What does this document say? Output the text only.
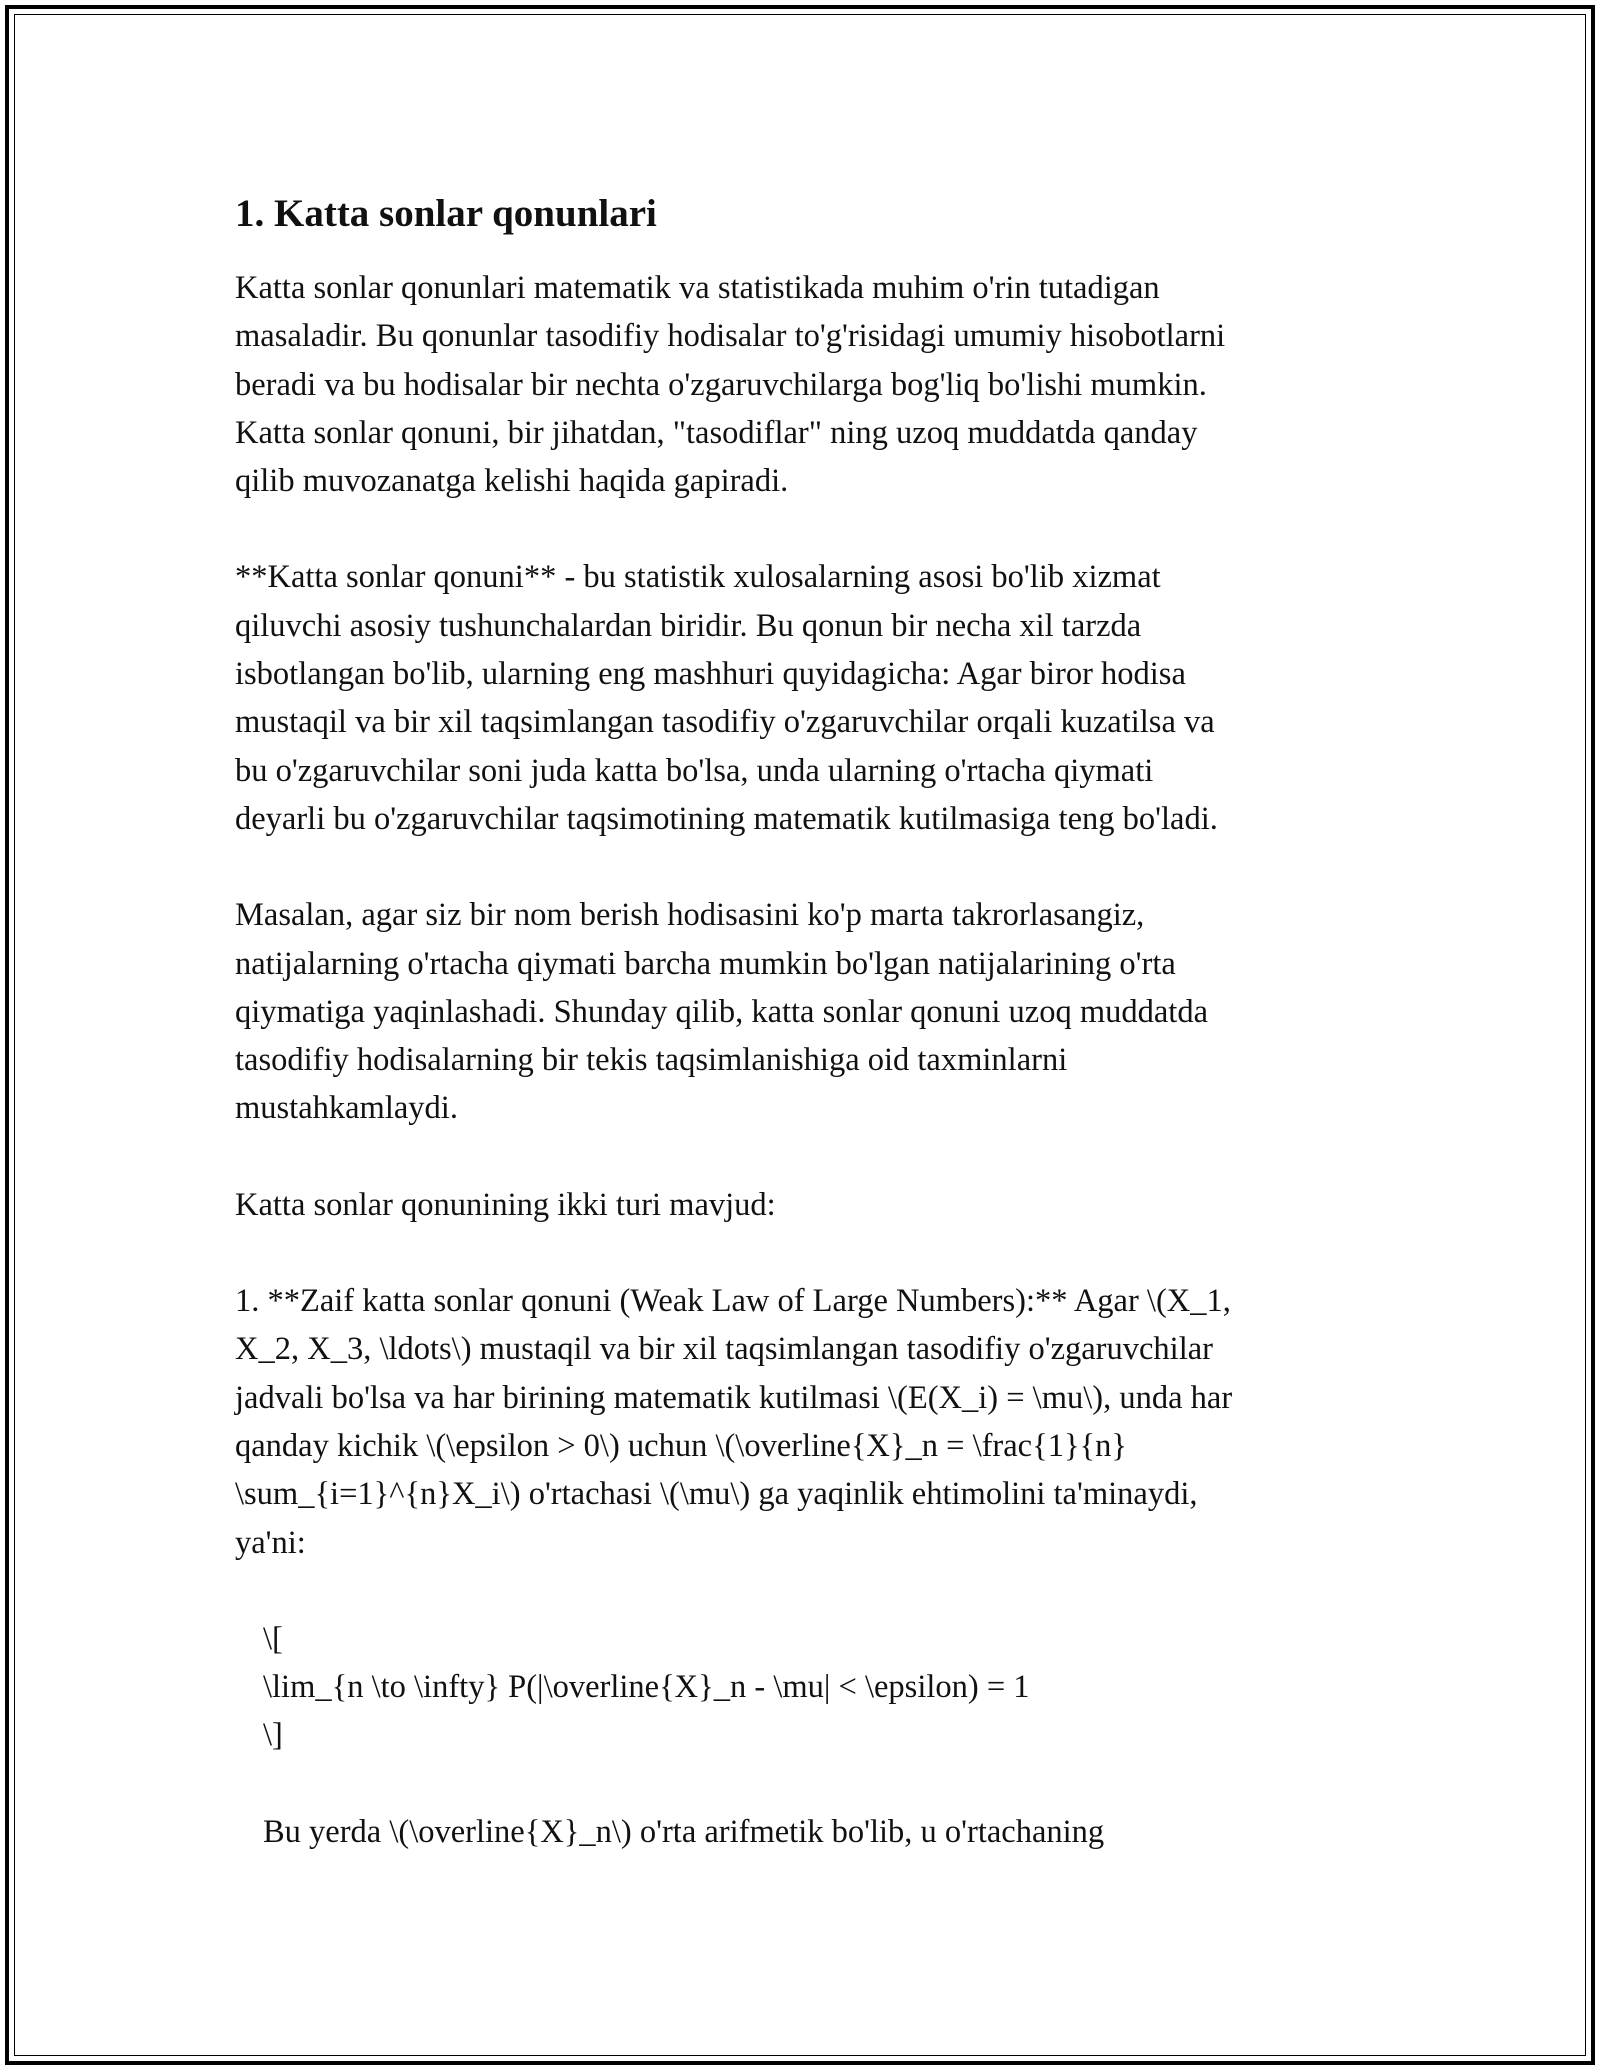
1. Katta sonlar qonunlari

Katta sonlar qonunlari matematik va statistikada muhim o'rin tutadigan
masaladir. Bu qonunlar tasodifiy hodisalar to'g'risidagi umumiy hisobotlarni
beradi va bu hodisalar bir nechta o'zgaruvchilarga bog'liq bo'lishi mumkin.
Katta sonlar qonuni, bir jihatdan, "tasodiflar" ning uzoq muddatda qanday
qilib muvozanatga kelishi haqida gapiradi.

**Katta sonlar qonuni** - bu statistik xulosalarning asosi bo'lib xizmat
qiluvchi asosiy tushunchalardan biridir. Bu qonun bir necha xil tarzda
isbotlangan bo'lib, ularning eng mashhuri quyidagicha: Agar biror hodisa
mustaqil va bir xil taqsimlangan tasodifiy o'zgaruvchilar orqali kuzatilsa va
bu o'zgaruvchilar soni juda katta bo'lsa, unda ularning o'rtacha qiymati
deyarli bu o'zgaruvchilar taqsimotining matematik kutilmasiga teng bo'ladi.

Masalan, agar siz bir nom berish hodisasini ko'p marta takrorlasangiz,
natijalarning o'rtacha qiymati barcha mumkin bo'lgan natijalarining o'rta
qiymatiga yaqinlashadi. Shunday qilib, katta sonlar qonuni uzoq muddatda
tasodifiy hodisalarning bir tekis taqsimlanishiga oid taxminlarni
mustahkamlaydi.

Katta sonlar qonunining ikki turi mavjud:

1. **Zaif katta sonlar qonuni (Weak Law of Large Numbers):** Agar \(X_1,
X_2, X_3, \ldots\) mustaqil va bir xil taqsimlangan tasodifiy o'zgaruvchilar
jadvali bo'lsa va har birining matematik kutilmasi \(E(X_i) = \mu\), unda har
qanday kichik \(\epsilon > 0\) uchun \(\overline{X}_n = \frac{1}{n}
\sum_{i=1}^{n}X_i\) o'rtachasi \(\mu\) ga yaqinlik ehtimolini ta'minaydi,
ya'ni:

\[
\lim_{n \to \infty} P(|\overline{X}_n - \mu| < \epsilon) = 1
\]

Bu yerda \(\overline{X}_n\) o'rta arifmetik bo'lib, u o'rtachaning
